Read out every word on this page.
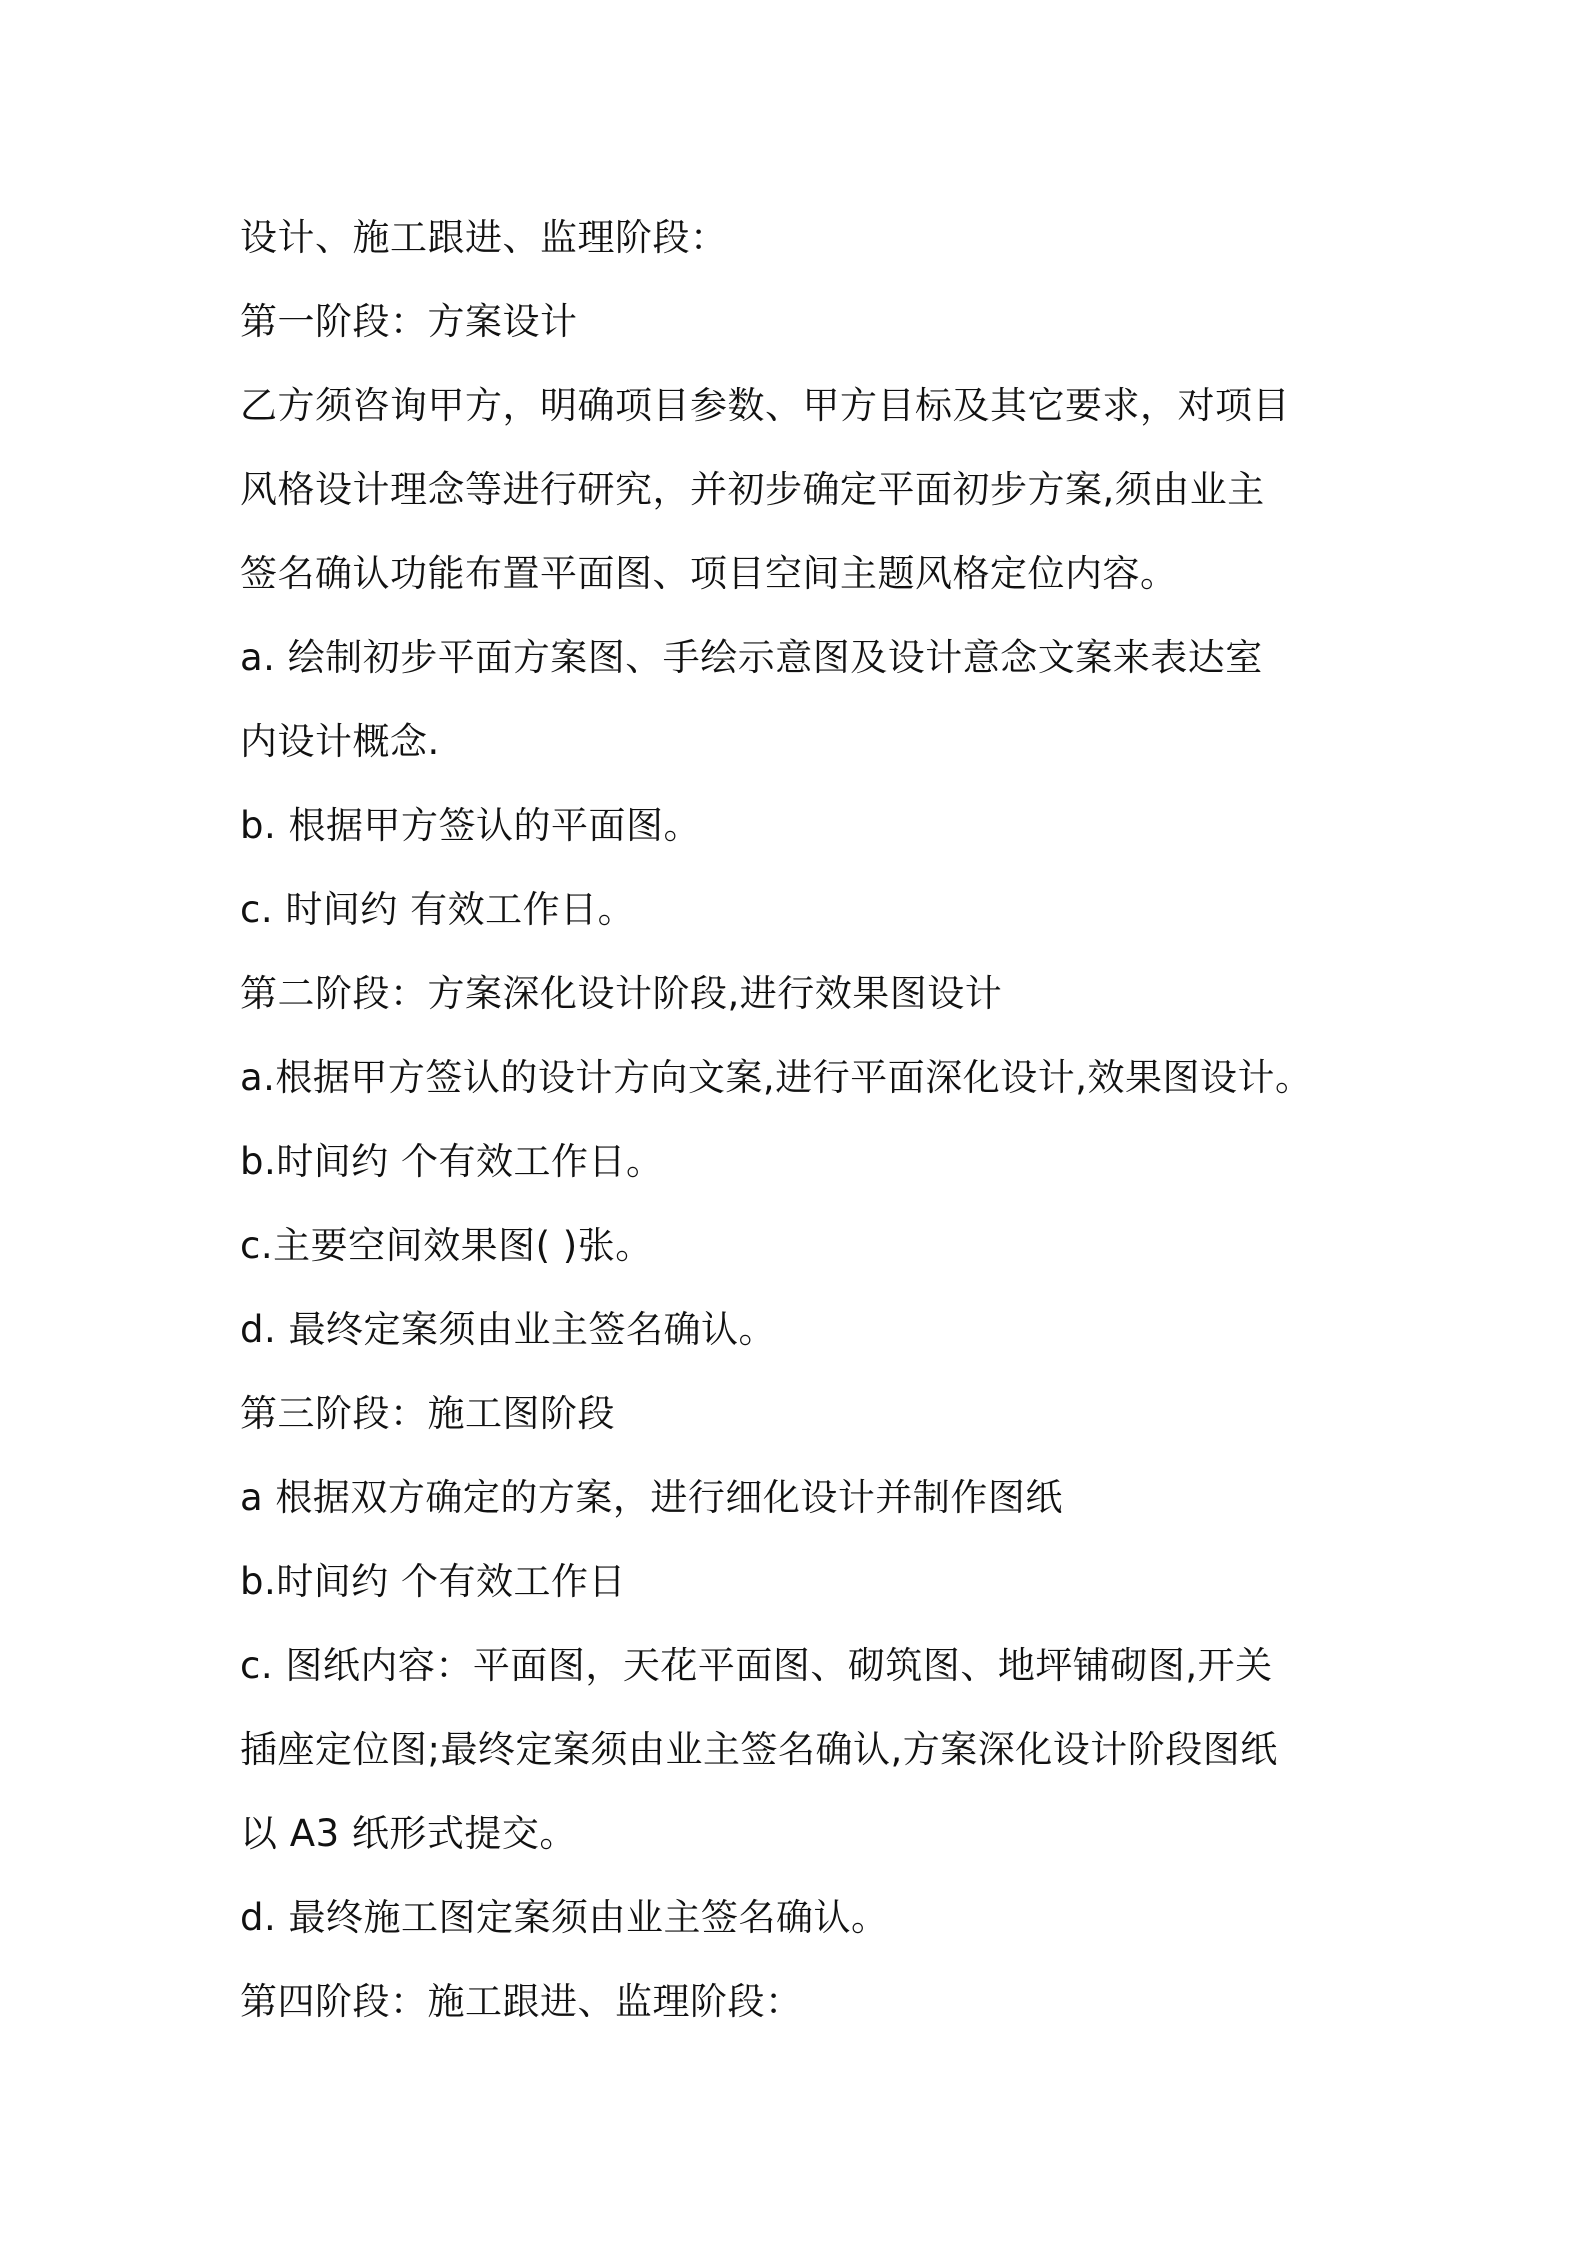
设计、施工跟进、监理阶段：
第一阶段：方案设计
乙方须咨询甲方，明确项目参数、甲方目标及其它要求，对项目
风格设计理念等进行研究，并初步确定平面初步方案,须由业主
签名确认功能布置平面图、项目空间主题风格定位内容。
a. 绘制初步平面方案图、手绘示意图及设计意念文案来表达室
内设计概念.
b. 根据甲方签认的平面图。
c. 时间约 有效工作日。
第二阶段：方案深化设计阶段,进行效果图设计
a.根据甲方签认的设计方向文案,进行平面深化设计,效果图设计。
b.时间约 个有效工作日。
c.主要空间效果图( )张。
d. 最终定案须由业主签名确认。
第三阶段：施工图阶段
a 根据双方确定的方案，进行细化设计并制作图纸
b.时间约 个有效工作日
c. 图纸内容：平面图，天花平面图、砌筑图、地坪铺砌图,开关
插座定位图;最终定案须由业主签名确认,方案深化设计阶段图纸
以 A3 纸形式提交。
d. 最终施工图定案须由业主签名确认。
第四阶段：施工跟进、监理阶段：
